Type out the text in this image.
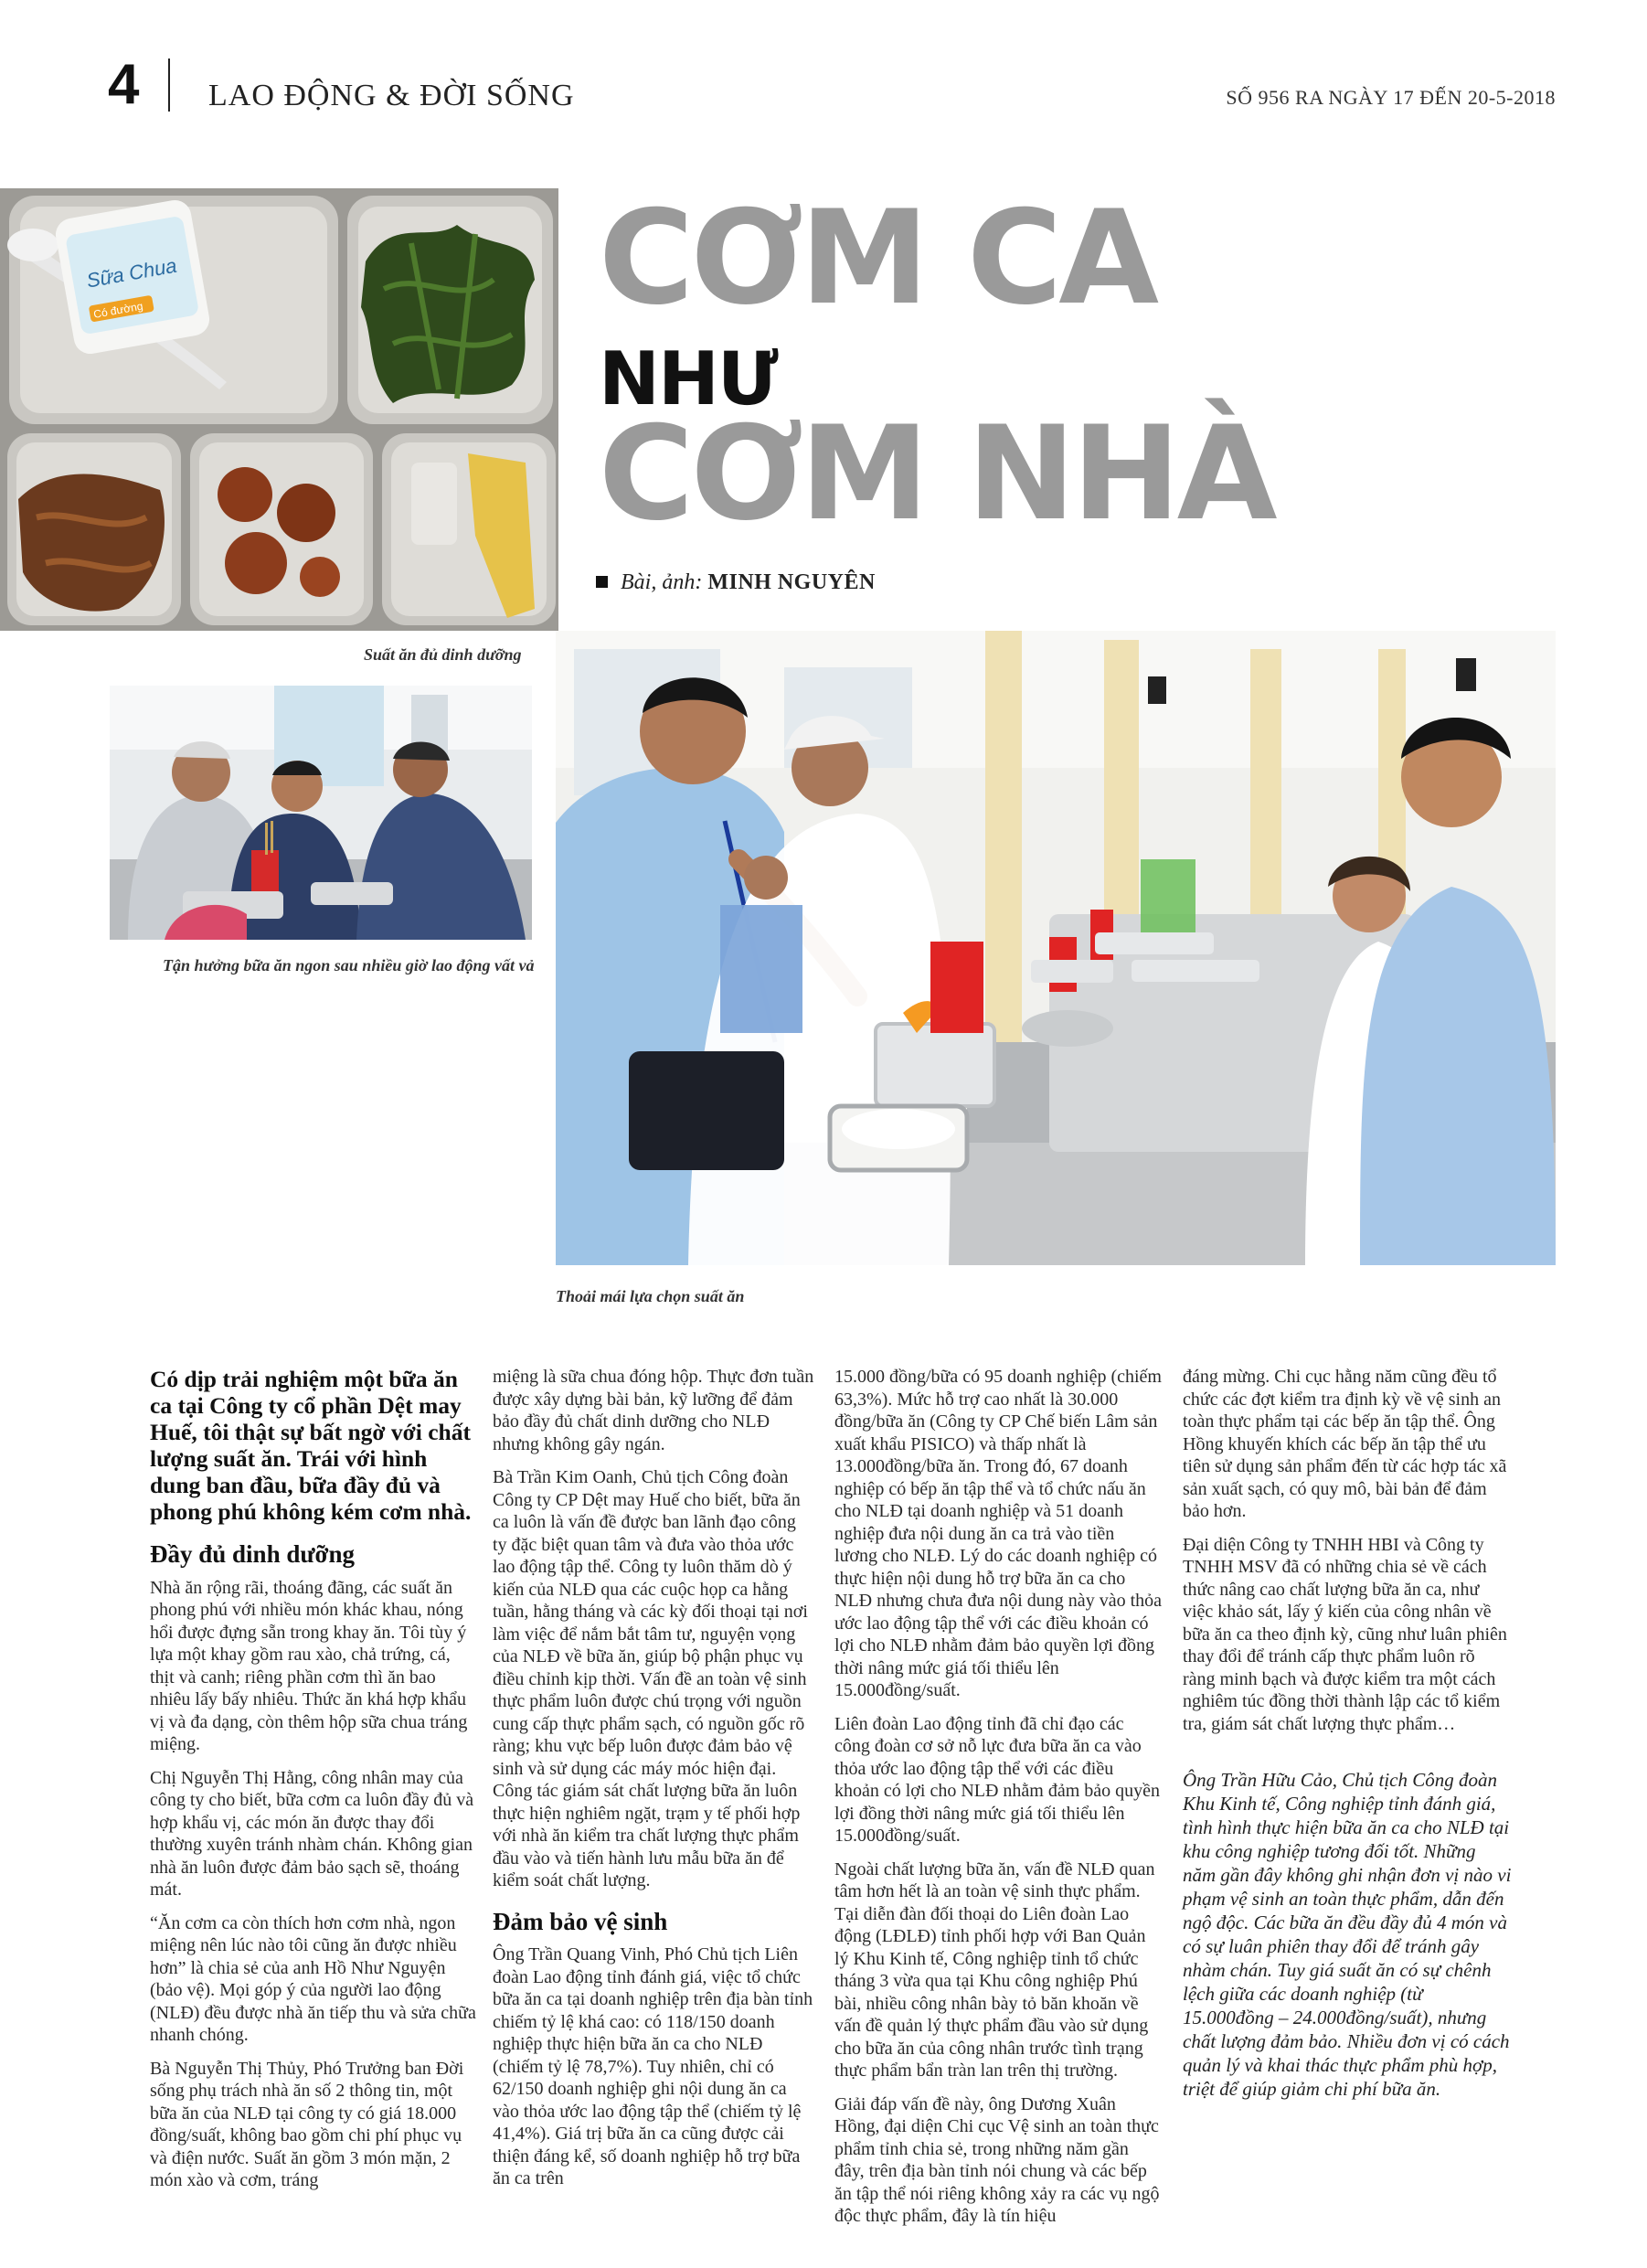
4 LAO ĐỘNG & ĐỜI SỐNG	SỐ 956 RA NGÀY 17 ĐẾN 20-5-2018
CƠM CA
NHƯ
CƠM NHÀ
Bài, ảnh: MINH NGUYÊN
Sữa Chua
Có đường
Suất ăn đủ dinh dưỡng
Tận hưởng bữa ăn ngon sau nhiều giờ lao động vất vả
Thoải mái lựa chọn suất ăn

Có dịp trải nghiệm một bữa ăn ca tại Công ty cổ phần Dệt may Huế, tôi thật sự bất ngờ với chất lượng suất ăn. Trái với hình dung ban đầu, bữa đầy đủ và phong phú không kém cơm nhà.

Đầy đủ dinh dưỡng

Nhà ăn rộng rãi, thoáng đãng, các suất ăn phong phú với nhiều món khác khau, nóng hổi được đựng sẵn trong khay ăn. Tôi tùy ý lựa một khay gồm rau xào, chả trứng, cá, thịt và canh; riêng phần cơm thì ăn bao nhiêu lấy bấy nhiêu. Thức ăn khá hợp khẩu vị và đa dạng, còn thêm hộp sữa chua tráng miệng.

Chị Nguyễn Thị Hằng, công nhân may của công ty cho biết, bữa cơm ca luôn đầy đủ và hợp khẩu vị, các món ăn được thay đổi thường xuyên tránh nhàm chán. Không gian nhà ăn luôn được đảm bảo sạch sẽ, thoáng mát.

“Ăn cơm ca còn thích hơn cơm nhà, ngon miệng nên lúc nào tôi cũng ăn được nhiều hơn” là chia sẻ của anh Hồ Như Nguyện (bảo vệ). Mọi góp ý của người lao động (NLĐ) đều được nhà ăn tiếp thu và sửa chữa nhanh chóng.

Bà Nguyễn Thị Thủy, Phó Trưởng ban Đời sống phụ trách nhà ăn số 2 thông tin, một bữa ăn của NLĐ tại công ty có giá 18.000 đồng/suất, không bao gồm chi phí phục vụ và điện nước. Suất ăn gồm 3 món mặn, 2 món xào và cơm, tráng

miệng là sữa chua đóng hộp. Thực đơn tuần được xây dựng bài bản, kỹ lưỡng để đảm bảo đầy đủ chất dinh dưỡng cho NLĐ nhưng không gây ngán.

Bà Trần Kim Oanh, Chủ tịch Công đoàn Công ty CP Dệt may Huế cho biết, bữa ăn ca luôn là vấn đề được ban lãnh đạo công ty đặc biệt quan tâm và đưa vào thỏa ước lao động tập thể. Công ty luôn thăm dò ý kiến của NLĐ qua các cuộc họp ca hằng tuần, hằng tháng và các kỳ đối thoại tại nơi làm việc để nắm bắt tâm tư, nguyện vọng của NLĐ về bữa ăn, giúp bộ phận phục vụ điều chỉnh kịp thời. Vấn đề an toàn vệ sinh thực phẩm luôn được chú trọng với nguồn cung cấp thực phẩm sạch, có nguồn gốc rõ ràng; khu vực bếp luôn được đảm bảo vệ sinh và sử dụng các máy móc hiện đại. Công tác giám sát chất lượng bữa ăn luôn thực hiện nghiêm ngặt, trạm y tế phối hợp với nhà ăn kiểm tra chất lượng thực phẩm đầu vào và tiến hành lưu mẫu bữa ăn để kiểm soát chất lượng.

Đảm bảo vệ sinh

Ông Trần Quang Vinh, Phó Chủ tịch Liên đoàn Lao động tỉnh đánh giá, việc tổ chức bữa ăn ca tại doanh nghiệp trên địa bàn tỉnh chiếm tỷ lệ khá cao: có 118/150 doanh nghiệp thực hiện bữa ăn ca cho NLĐ (chiếm tỷ lệ 78,7%). Tuy nhiên, chỉ có 62/150 doanh nghiệp ghi nội dung ăn ca vào thỏa ước lao động tập thể (chiếm tỷ lệ 41,4%). Giá trị bữa ăn ca cũng được cải thiện đáng kể, số doanh nghiệp hỗ trợ bữa ăn ca trên

15.000 đồng/bữa có 95 doanh nghiệp (chiếm 63,3%). Mức hỗ trợ cao nhất là 30.000 đồng/bữa ăn (Công ty CP Chế biến Lâm sản xuất khẩu PISICO) và thấp nhất là 13.000đồng/bữa ăn. Trong đó, 67 doanh nghiệp có bếp ăn tập thể và tổ chức nấu ăn cho NLĐ tại doanh nghiệp và 51 doanh nghiệp đưa nội dung ăn ca trả vào tiền lương cho NLĐ. Lý do các doanh nghiệp có thực hiện nội dung hỗ trợ bữa ăn ca cho NLĐ nhưng chưa đưa nội dung này vào thỏa ước lao động tập thể với các điều khoản có lợi cho NLĐ nhằm đảm bảo quyền lợi đồng thời nâng mức giá tối thiểu lên 15.000đồng/suất.

Liên đoàn Lao động tỉnh đã chỉ đạo các công đoàn cơ sở nỗ lực đưa bữa ăn ca vào thỏa ước lao động tập thể với các điều khoản có lợi cho NLĐ nhằm đảm bảo quyền lợi đồng thời nâng mức giá tối thiểu lên 15.000đồng/suất.

Ngoài chất lượng bữa ăn, vấn đề NLĐ quan tâm hơn hết là an toàn vệ sinh thực phẩm. Tại diễn đàn đối thoại do Liên đoàn Lao động (LĐLĐ) tỉnh phối hợp với Ban Quản lý Khu Kinh tế, Công nghiệp tỉnh tổ chức tháng 3 vừa qua tại Khu công nghiệp Phú bài, nhiều công nhân bày tỏ băn khoăn về vấn đề quản lý thực phẩm đầu vào sử dụng cho bữa ăn của công nhân trước tình trạng thực phẩm bẩn tràn lan trên thị trường.

Giải đáp vấn đề này, ông Dương Xuân Hồng, đại diện Chi cục Vệ sinh an toàn thực phẩm tỉnh chia sẻ, trong những năm gần đây, trên địa bàn tỉnh nói chung và các bếp ăn tập thể nói riêng không xảy ra các vụ ngộ độc thực phẩm, đây là tín hiệu

đáng mừng. Chi cục hằng năm cũng đều tổ chức các đợt kiểm tra định kỳ về vệ sinh an toàn thực phẩm tại các bếp ăn tập thể. Ông Hồng khuyến khích các bếp ăn tập thể ưu tiên sử dụng sản phẩm đến từ các hợp tác xã sản xuất sạch, có quy mô, bài bản để đảm bảo hơn.

Đại diện Công ty TNHH HBI và Công ty TNHH MSV đã có những chia sẻ về cách thức nâng cao chất lượng bữa ăn ca, như việc khảo sát, lấy ý kiến của công nhân về bữa ăn ca theo định kỳ, cũng như luân phiên thay đổi để tránh cấp thực phẩm luôn rõ ràng minh bạch và được kiểm tra một cách nghiêm túc đồng thời thành lập các tổ kiểm tra, giám sát chất lượng thực phẩm…

Ông Trần Hữu Cảo, Chủ tịch Công đoàn Khu Kinh tế, Công nghiệp tỉnh đánh giá, tình hình thực hiện bữa ăn ca cho NLĐ tại khu công nghiệp tương đối tốt. Những năm gần đây không ghi nhận đơn vị nào vi phạm vệ sinh an toàn thực phẩm, dẫn đến ngộ độc. Các bữa ăn đều đầy đủ 4 món và có sự luân phiên thay đổi để tránh gây nhàm chán. Tuy giá suất ăn có sự chênh lệch giữa các doanh nghiệp (từ 15.000đồng – 24.000đồng/suất), nhưng chất lượng đảm bảo. Nhiều đơn vị có cách quản lý và khai thác thực phẩm phù hợp, triệt để giúp giảm chi phí bữa ăn.
